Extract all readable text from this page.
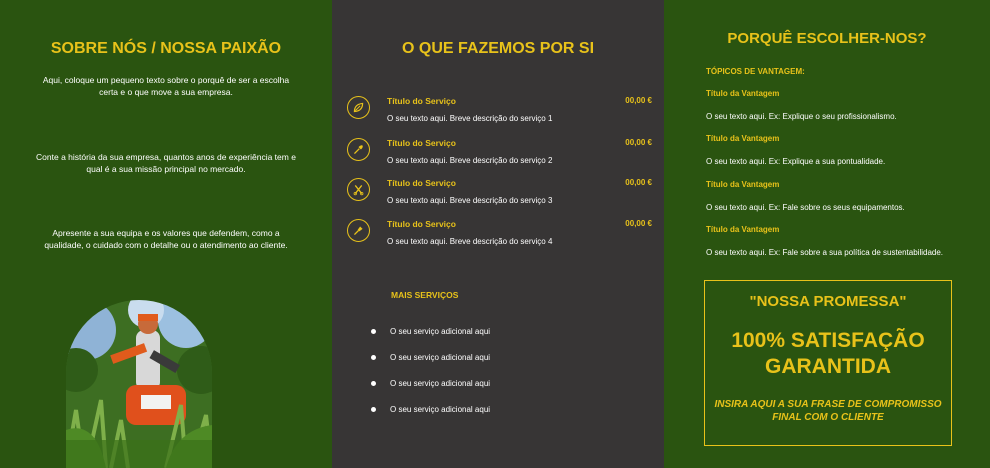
SOBRE NÓS / NOSSA PAIXÃO

Aqui, coloque um pequeno texto sobre o porquê de ser a escolha certa e o que move a sua empresa.

Conte a história da sua empresa, quantos anos de experiência tem e qual é a sua missão principal no mercado.

Apresente a sua equipa e os valores que defendem, como a qualidade, o cuidado com o detalhe ou o atendimento ao cliente.

O QUE FAZEMOS POR SI
Título do Serviço	00,00 €
O seu texto aqui. Breve descrição do serviço 1
Título do Serviço	00,00 €
O seu texto aqui. Breve descrição do serviço 2
Título do Serviço	00,00 €
O seu texto aqui. Breve descrição do serviço 3
Título do Serviço	00,00 €
O seu texto aqui. Breve descrição do serviço 4
MAIS SERVIÇOS
O seu serviço adicional aqui
O seu serviço adicional aqui
O seu serviço adicional aqui
O seu serviço adicional aqui
PORQUÊ ESCOLHER-NOS?
TÓPICOS DE VANTAGEM:
Título da Vantagem
O seu texto aqui. Ex: Explique o seu profissionalismo.
Título da Vantagem
O seu texto aqui. Ex: Explique a sua pontualidade.
Título da Vantagem
O seu texto aqui. Ex: Fale sobre os seus equipamentos.
Título da Vantagem
O seu texto aqui. Ex: Fale sobre a sua política de sustentabilidade.
"NOSSA PROMESSA"
100% SATISFAÇÃO GARANTIDA
INSIRA AQUI A SUA FRASE DE COMPROMISSO FINAL COM O CLIENTE
